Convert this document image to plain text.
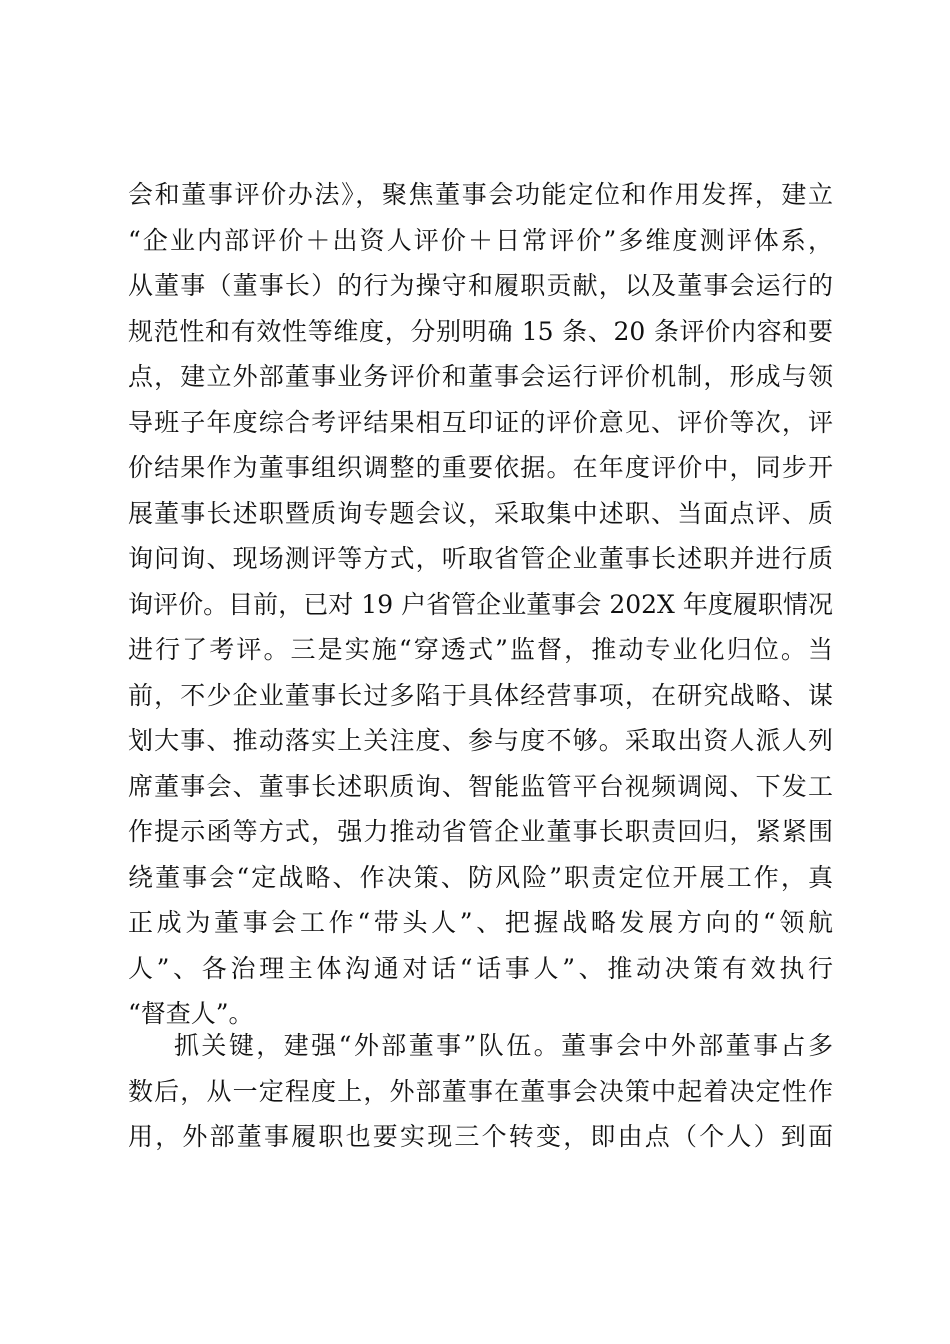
会和董事评价办法》，聚焦董事会功能定位和作用发挥，建立
“企业内部评价＋出资人评价＋日常评价”多维度测评体系，
从董事（董事长）的行为操守和履职贡献，以及董事会运行的
规范性和有效性等维度，分别明确 15 条、20 条评价内容和要
点，建立外部董事业务评价和董事会运行评价机制，形成与领
导班子年度综合考评结果相互印证的评价意见、评价等次，评
价结果作为董事组织调整的重要依据。在年度评价中，同步开
展董事长述职暨质询专题会议，采取集中述职、当面点评、质
询问询、现场测评等方式，听取省管企业董事长述职并进行质
询评价。目前，已对 19 户省管企业董事会 202X 年度履职情况
进行了考评。三是实施“穿透式”监督，推动专业化归位。当
前，不少企业董事长过多陷于具体经营事项，在研究战略、谋
划大事、推动落实上关注度、参与度不够。采取出资人派人列
席董事会、董事长述职质询、智能监管平台视频调阅、下发工
作提示函等方式，强力推动省管企业董事长职责回归，紧紧围
绕董事会“定战略、作决策、防风险”职责定位开展工作，真
正成为董事会工作“带头人”、把握战略发展方向的“领航
人”、各治理主体沟通对话“话事人”、推动决策有效执行
“督查人”。
抓关键，建强“外部董事”队伍。董事会中外部董事占多
数后，从一定程度上，外部董事在董事会决策中起着决定性作
用，外部董事履职也要实现三个转变，即由点（个人）到面
